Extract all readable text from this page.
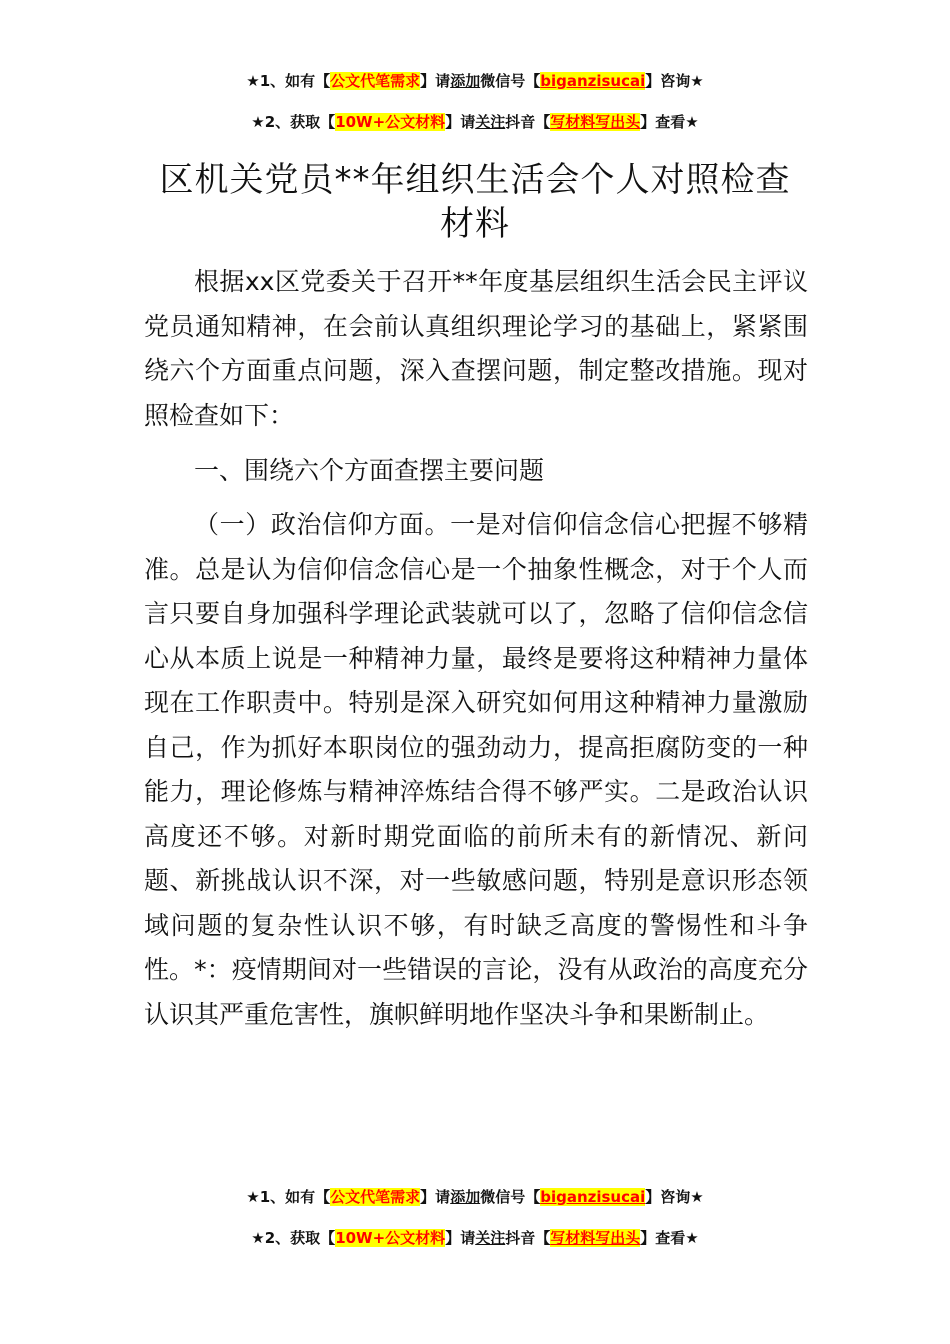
★1、如有【公文代笔需求】请添加微信号【biganzisucai】咨询★
★2、获取【10W+公文材料】请关注抖音【写材料写出头】查看★
区机关党员**年组织生活会个人对照检查材料

根据xx区党委关于召开**年度基层组织生活会民主评议党员通知精神，在会前认真组织理论学习的基础上，紧紧围绕六个方面重点问题，深入查摆问题，制定整改措施。现对照检查如下：

一、围绕六个方面查摆主要问题

（一）政治信仰方面。一是对信仰信念信心把握不够精准。总是认为信仰信念信心是一个抽象性概念，对于个人而言只要自身加强科学理论武装就可以了，忽略了信仰信念信心从本质上说是一种精神力量，最终是要将这种精神力量体现在工作职责中。特别是深入研究如何用这种精神力量激励自己，作为抓好本职岗位的强劲动力，提高拒腐防变的一种能力，理论修炼与精神淬炼结合得不够严实。二是政治认识高度还不够。对新时期党面临的前所未有的新情况、新问题、新挑战认识不深，对一些敏感问题，特别是意识形态领域问题的复杂性认识不够，有时缺乏高度的警惕性和斗争性。*：疫情期间对一些错误的言论，没有从政治的高度充分认识其严重危害性，旗帜鲜明地作坚决斗争和果断制止。

★1、如有【公文代笔需求】请添加微信号【biganzisucai】咨询★
★2、获取【10W+公文材料】请关注抖音【写材料写出头】查看★
